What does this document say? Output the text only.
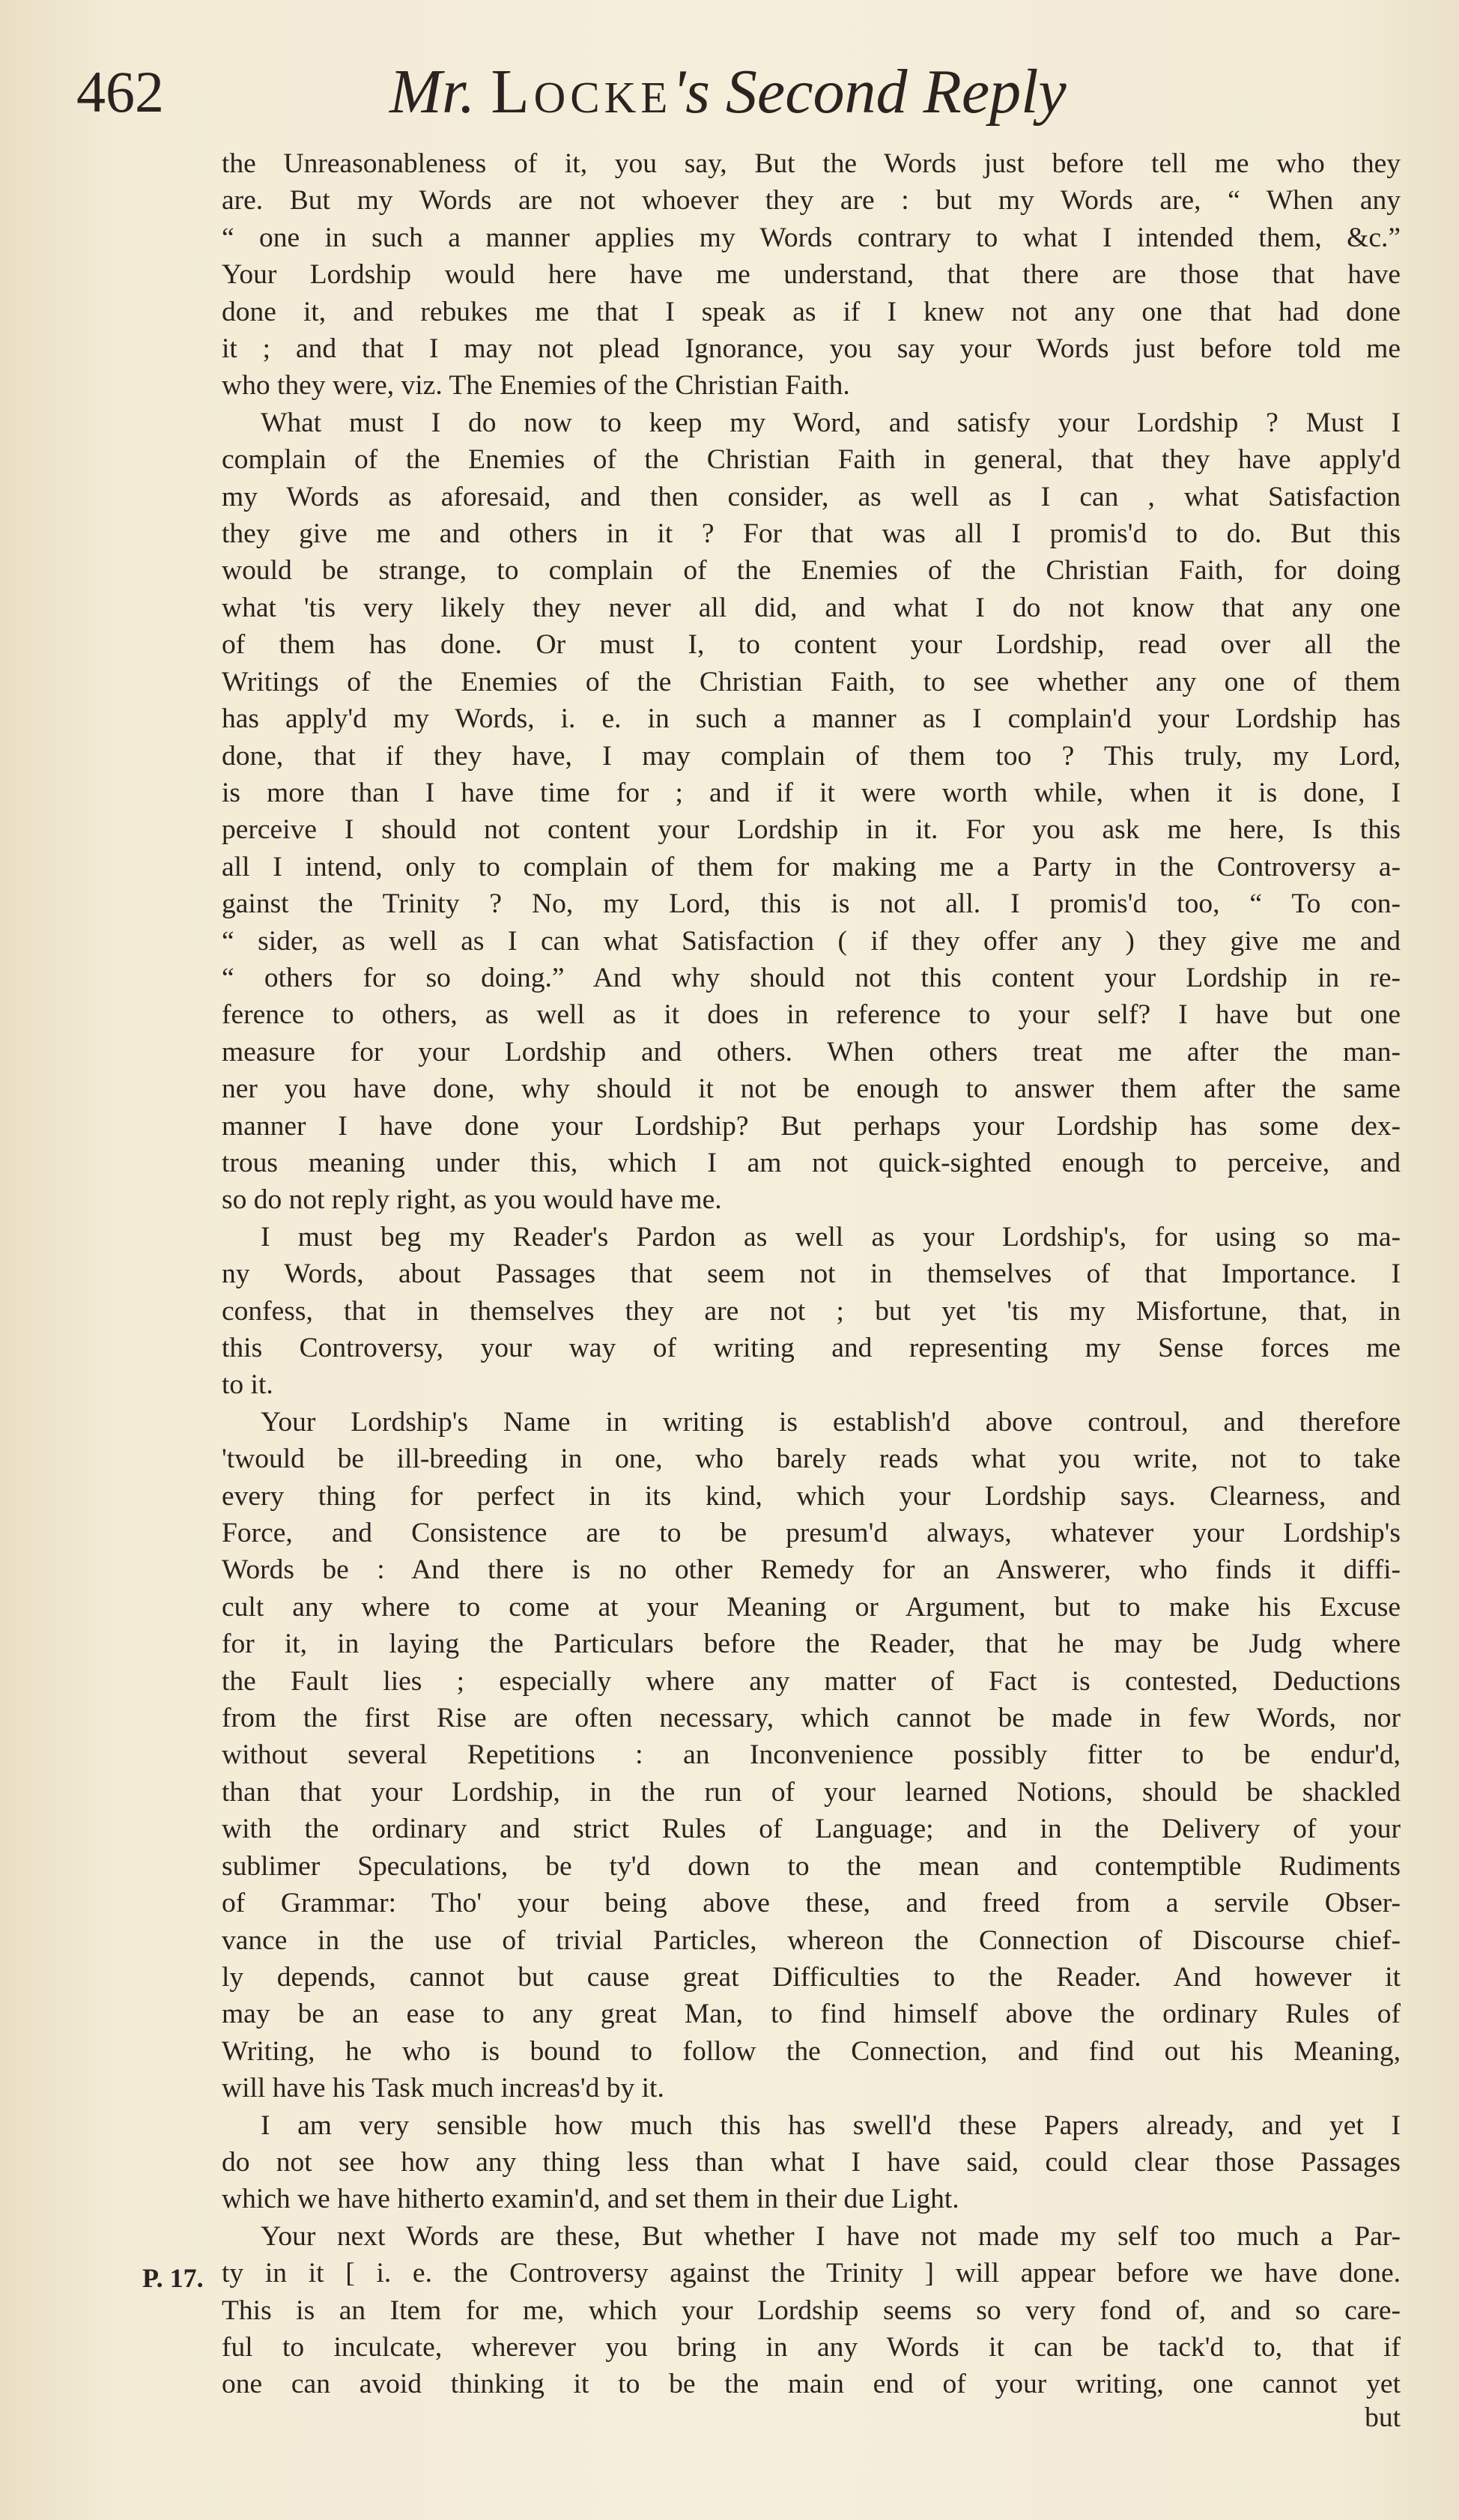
462	Mr. Locke's Second Reply
the Unreasonableness of it, you say, But the Words just before tell me who they
are. But my Words are not whoever they are : but my Words are, “ When any
“ one in such a manner applies my Words contrary to what I intended them, &c.”
Your Lordship would here have me understand, that there are those that have
done it, and rebukes me that I speak as if I knew not any one that had done
it ; and that I may not plead Ignorance, you say your Words just before told me
who they were, viz. The Enemies of the Christian Faith.
What must I do now to keep my Word, and satisfy your Lordship ? Must I
complain of the Enemies of the Christian Faith in general, that they have apply'd
my Words as aforesaid, and then consider, as well as I can , what Satisfaction
they give me and others in it ? For that was all I promis'd to do. But this
would be strange, to complain of the Enemies of the Christian Faith, for doing
what 'tis very likely they never all did, and what I do not know that any one
of them has done. Or must I, to content your Lordship, read over all the
Writings of the Enemies of the Christian Faith, to see whether any one of them
has apply'd my Words, i. e. in such a manner as I complain'd your Lordship has
done, that if they have, I may complain of them too ? This truly, my Lord,
is more than I have time for ; and if it were worth while, when it is done, I
perceive I should not content your Lordship in it. For you ask me here, Is this
all I intend, only to complain of them for making me a Party in the Controversy a-
gainst the Trinity ? No, my Lord, this is not all. I promis'd too, “ To con-
“ sider, as well as I can what Satisfaction ( if they offer any ) they give me and
“ others for so doing.” And why should not this content your Lordship in re-
ference to others, as well as it does in reference to your self? I have but one
measure for your Lordship and others. When others treat me after the man-
ner you have done, why should it not be enough to answer them after the same
manner I have done your Lordship? But perhaps your Lordship has some dex-
trous meaning under this, which I am not quick-sighted enough to perceive, and
so do not reply right, as you would have me.
I must beg my Reader's Pardon as well as your Lordship's, for using so ma-
ny Words, about Passages that seem not in themselves of that Importance. I
confess, that in themselves they are not ; but yet 'tis my Misfortune, that, in
this Controversy, your way of writing and representing my Sense forces me
to it.
Your Lordship's Name in writing is establish'd above controul, and therefore
'twould be ill-breeding in one, who barely reads what you write, not to take
every thing for perfect in its kind, which your Lordship says. Clearness, and
Force, and Consistence are to be presum'd always, whatever your Lordship's
Words be : And there is no other Remedy for an Answerer, who finds it diffi-
cult any where to come at your Meaning or Argument, but to make his Excuse
for it, in laying the Particulars before the Reader, that he may be Judg where
the Fault lies ; especially where any matter of Fact is contested, Deductions
from the first Rise are often necessary, which cannot be made in few Words, nor
without several Repetitions : an Inconvenience possibly fitter to be endur'd,
than that your Lordship, in the run of your learned Notions, should be shackled
with the ordinary and strict Rules of Language; and in the Delivery of your
sublimer Speculations, be ty'd down to the mean and contemptible Rudiments
of Grammar: Tho' your being above these, and freed from a servile Obser-
vance in the use of trivial Particles, whereon the Connection of Discourse chief-
ly depends, cannot but cause great Difficulties to the Reader. And however it
may be an ease to any great Man, to find himself above the ordinary Rules of
Writing, he who is bound to follow the Connection, and find out his Meaning,
will have his Task much increas'd by it.
I am very sensible how much this has swell'd these Papers already, and yet I
do not see how any thing less than what I have said, could clear those Passages
which we have hitherto examin'd, and set them in their due Light.
Your next Words are these, But whether I have not made my self too much a Par-
ty in it [ i. e. the Controversy against the Trinity ] will appear before we have done.
This is an Item for me, which your Lordship seems so very fond of, and so care-
ful to inculcate, wherever you bring in any Words it can be tack'd to, that if
one can avoid thinking it to be the main end of your writing, one cannot yet
P. 17.
but
